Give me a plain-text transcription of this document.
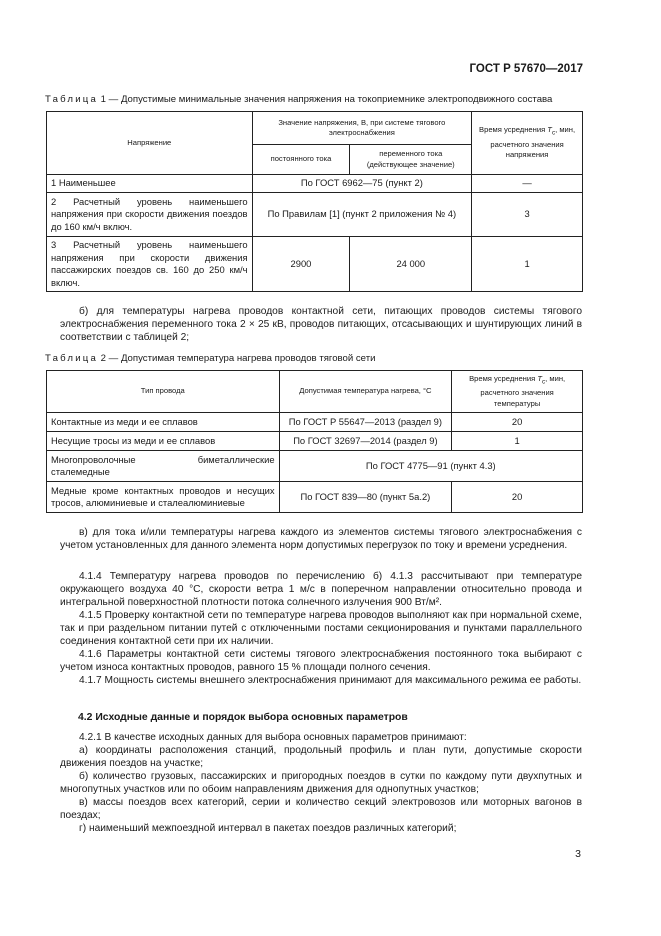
ГОСТ Р 57670—2017
Таблица 1 — Допустимые минимальные значения напряжения на токоприемнике электроподвижного состава
Напряжение	Значение напряжения, В, при системе тягового электроснабжения		Время усреднения $Т_c$, мин, расчетного значения напряжения
	постоянного тока	переменного тока (действующее значение)	
1 Наименьшее	По ГОСТ 6962—75 (пункт 2)		—
2 Расчетный уровень наименьшего напряжения при скорости движения поездов до 160 км/ч включ.	По Правилам [1] (пункт 2 приложения № 4)		3
3 Расчетный уровень наименьшего напряжения при скорости движения пассажирских поездов св. 160 до 250 км/ч включ.	2900	24 000	1

б) для температуры нагрева проводов контактной сети, питающих проводов системы тягового электроснабжения переменного тока 2 × 25 кВ, проводов питающих, отсасывающих и шунтирующих линий в соответствии с таблицей 2;

Таблица 2 — Допустимая температура нагрева проводов тяговой сети
Тип провода	Допустимая температура нагрева, °С	Время усреднения $Т_с$, мин, расчетного значения температуры
Контактные из меди и ее сплавов	По ГОСТ Р 55647—2013 (раздел 9)	20
Несущие тросы из меди и ее сплавов	По ГОСТ 32697—2014 (раздел 9)	1
Многопроволочные биметаллические сталемедные	По ГОСТ 4775—91 (пункт 4.3)	
Медные кроме контактных проводов и несущих тросов, алюминиевые и сталеалюминиевые	По ГОСТ 839—80 (пункт 5а.2)	20

в) для тока и/или температуры нагрева каждого из элементов системы тягового электроснабжения с учетом установленных для данного элемента норм допустимых перегрузок по току и времени усреднения.

4.1.4 Температуру нагрева проводов по перечислению б) 4.1.3 рассчитывают при температуре окружающего воздуха 40 °С, скорости ветра 1 м/с в поперечном направлении относительно провода и интегральной поверхностной плотности потока солнечного излучения 900 Вт/м².

4.1.5 Проверку контактной сети по температуре нагрева проводов выполняют как при нормальной схеме, так и при раздельном питании путей с отключенными постами секционирования и пунктами параллельного соединения контактной сети при их наличии.

4.1.6 Параметры контактной сети системы тягового электроснабжения постоянного тока выбирают с учетом износа контактных проводов, равного 15 % площади полного сечения.

4.1.7 Мощность системы внешнего электроснабжения принимают для максимального режима ее работы.

4.2 Исходные данные и порядок выбора основных параметров

4.2.1 В качестве исходных данных для выбора основных параметров принимают:

а) координаты расположения станций, продольный профиль и план пути, допустимые скорости движения поездов на участке;

б) количество грузовых, пассажирских и пригородных поездов в сутки по каждому пути двухпутных и многопутных участков или по обоим направлениям движения для однопутных участков;

в) массы поездов всех категорий, серии и количество секций электровозов или моторных вагонов в поездах;

г) наименьший межпоездной интервал в пакетах поездов различных категорий;

3
